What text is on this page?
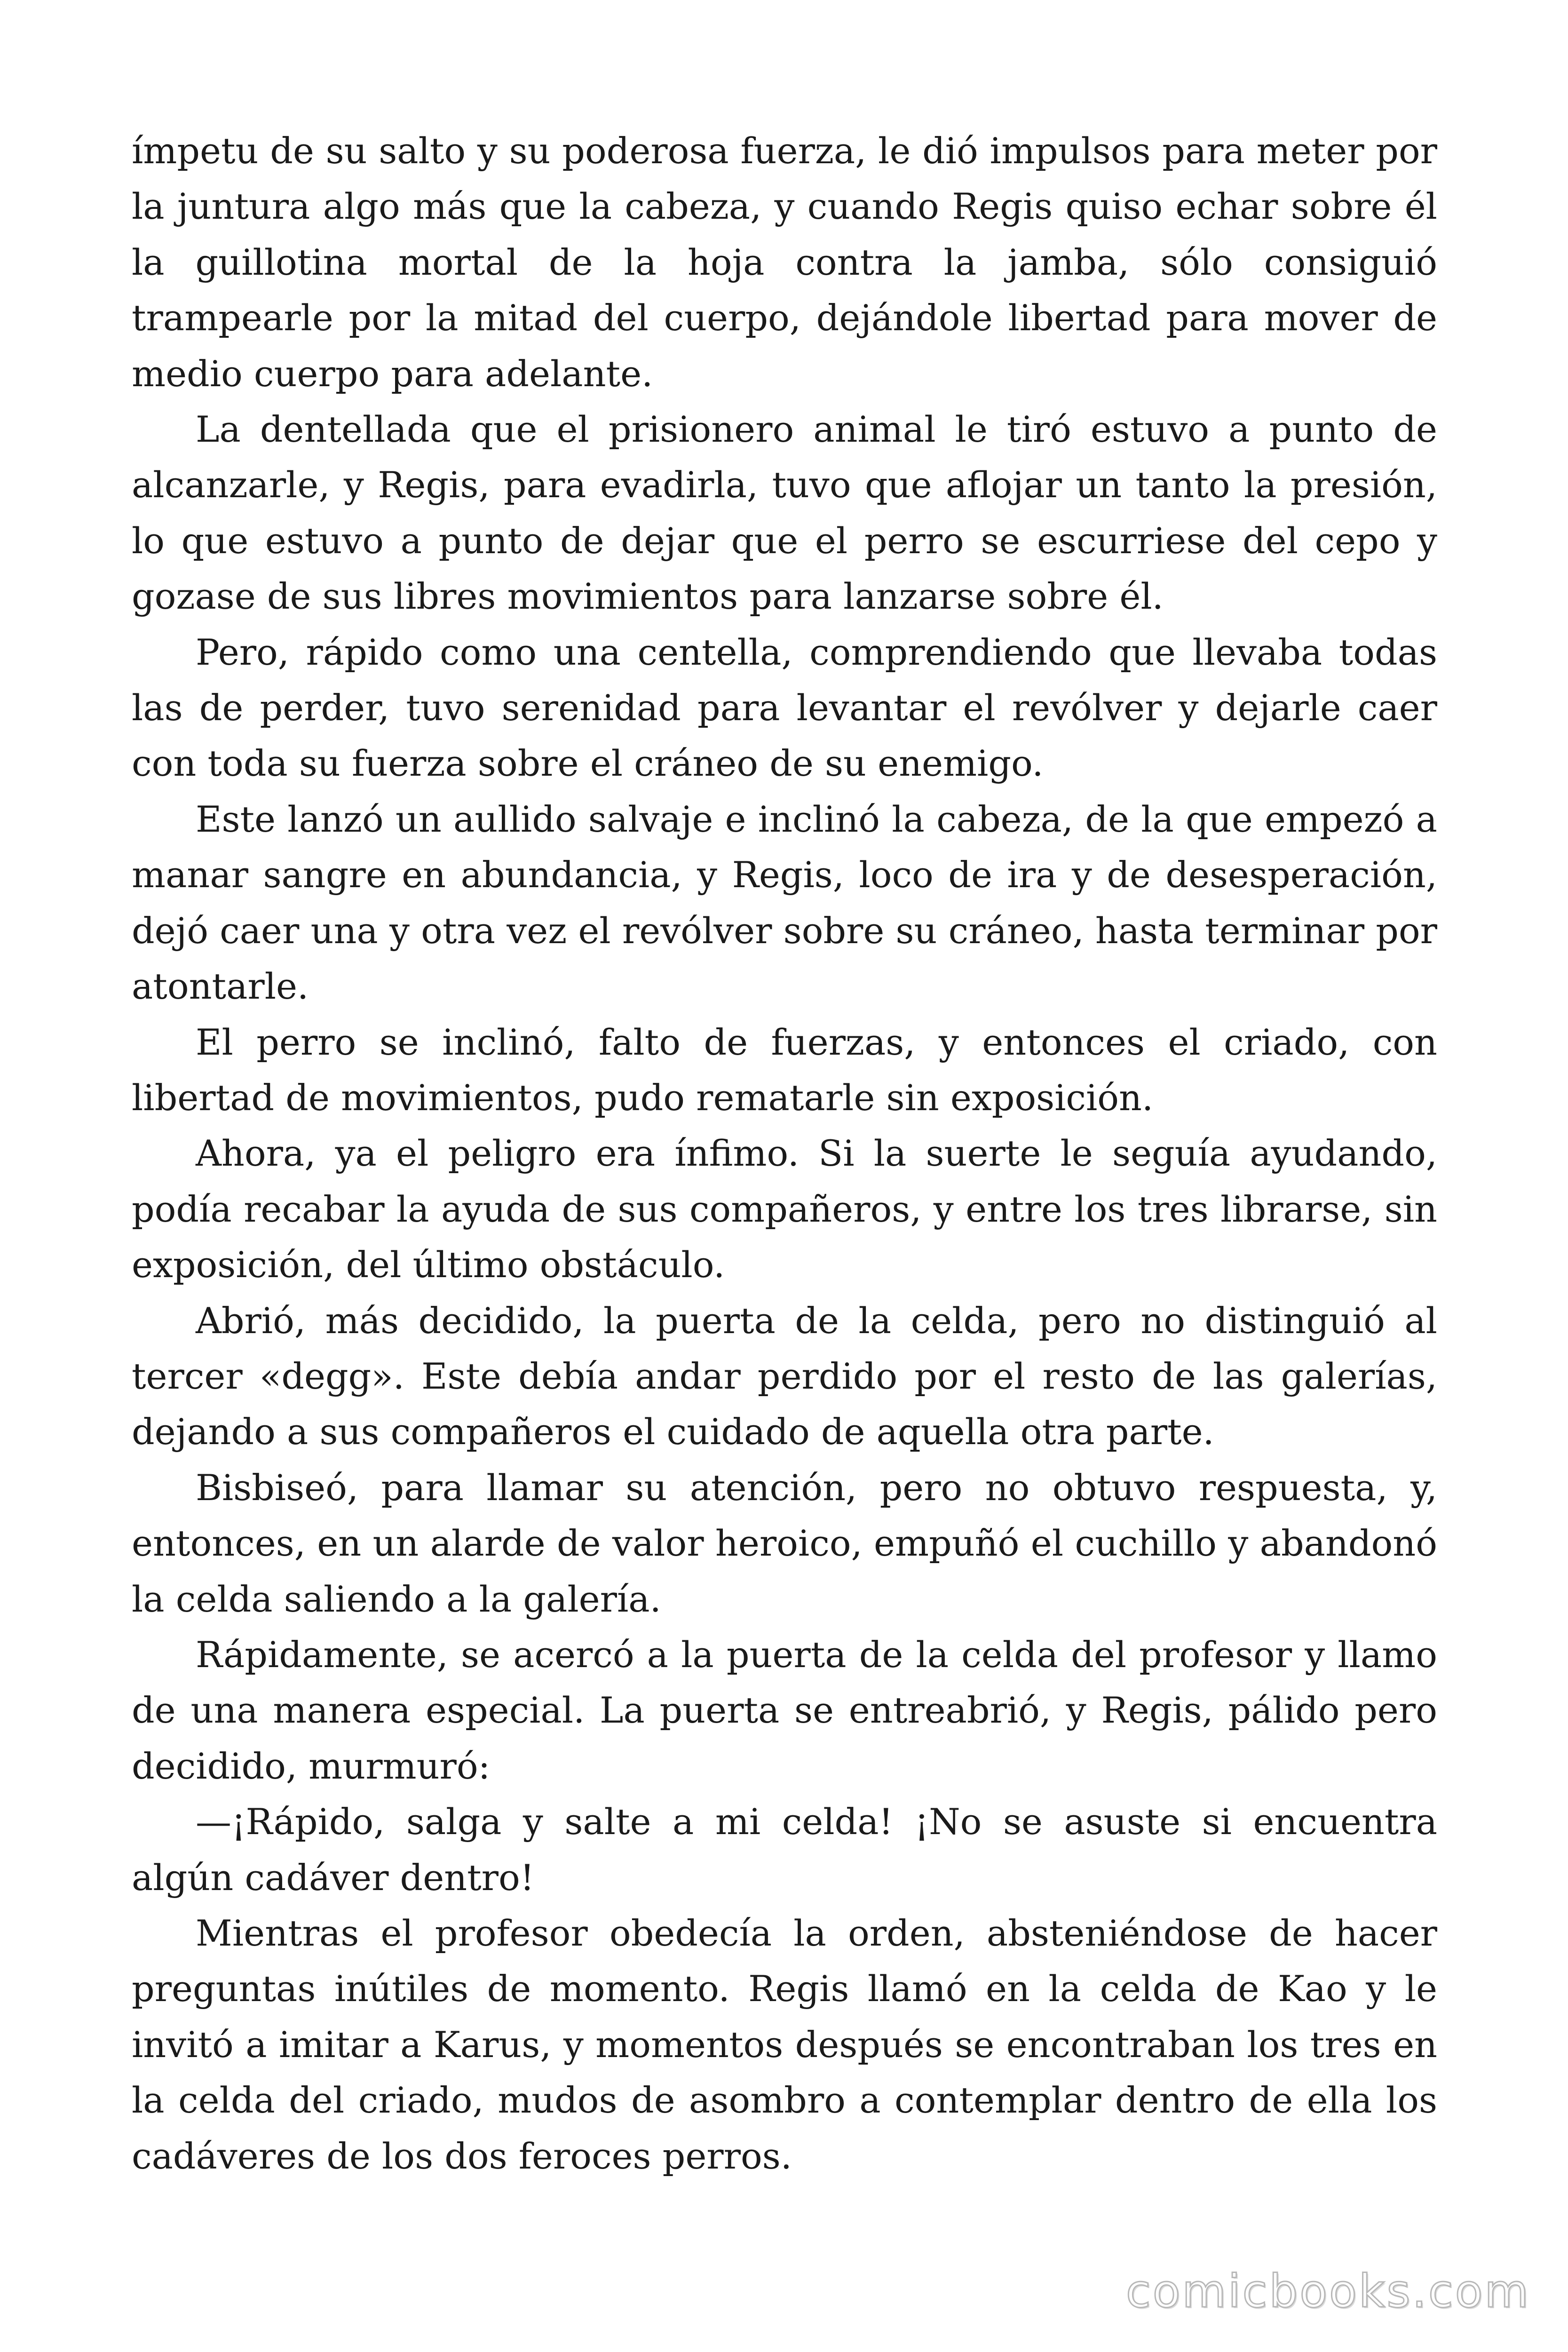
ímpetu de su salto y su poderosa fuerza, le dió impulsos para meter por la juntura algo más que la cabeza, y cuando Regis quiso echar sobre él la guillotina mortal de la hoja contra la jamba, sólo consiguió trampearle por la mitad del cuerpo, dejándole libertad para mover de medio cuerpo para adelante.

La dentellada que el prisionero animal le tiró estuvo a punto de alcanzarle, y Regis, para evadirla, tuvo que aflojar un tanto la presión, lo que estuvo a punto de dejar que el perro se escurriese del cepo y gozase de sus libres movimientos para lanzarse sobre él.

Pero, rápido como una centella, comprendiendo que llevaba todas las de perder, tuvo serenidad para levantar el revólver y dejarle caer con toda su fuerza sobre el cráneo de su enemigo.

Este lanzó un aullido salvaje e inclinó la cabeza, de la que empezó a manar sangre en abundancia, y Regis, loco de ira y de desesperación, dejó caer una y otra vez el revólver sobre su cráneo, hasta terminar por atontarle.

El perro se inclinó, falto de fuerzas, y entonces el criado, con libertad de movimientos, pudo rematarle sin exposición.

Ahora, ya el peligro era ínfimo. Si la suerte le seguía ayudando, podía recabar la ayuda de sus compañeros, y entre los tres librarse, sin exposición, del último obstáculo.

Abrió, más decidido, la puerta de la celda, pero no distinguió al tercer «degg». Este debía andar perdido por el resto de las galerías, dejando a sus compañeros el cuidado de aquella otra parte.

Bisbiseó, para llamar su atención, pero no obtuvo respuesta, y, entonces, en un alarde de valor heroico, empuñó el cuchillo y abandonó la celda saliendo a la galería.

Rápidamente, se acercó a la puerta de la celda del profesor y llamo de una manera especial. La puerta se entreabrió, y Regis, pálido pero decidido, murmuró:

—¡Rápido, salga y salte a mi celda! ¡No se asuste si encuentra algún cadáver dentro!

Mientras el profesor obedecía la orden, absteniéndose de hacer preguntas inútiles de momento. Regis llamó en la celda de Kao y le invitó a imitar a Karus, y momentos después se encontraban los tres en la celda del criado, mudos de asombro a contemplar dentro de ella los cadáveres de los dos feroces perros.

comicbooks.com
